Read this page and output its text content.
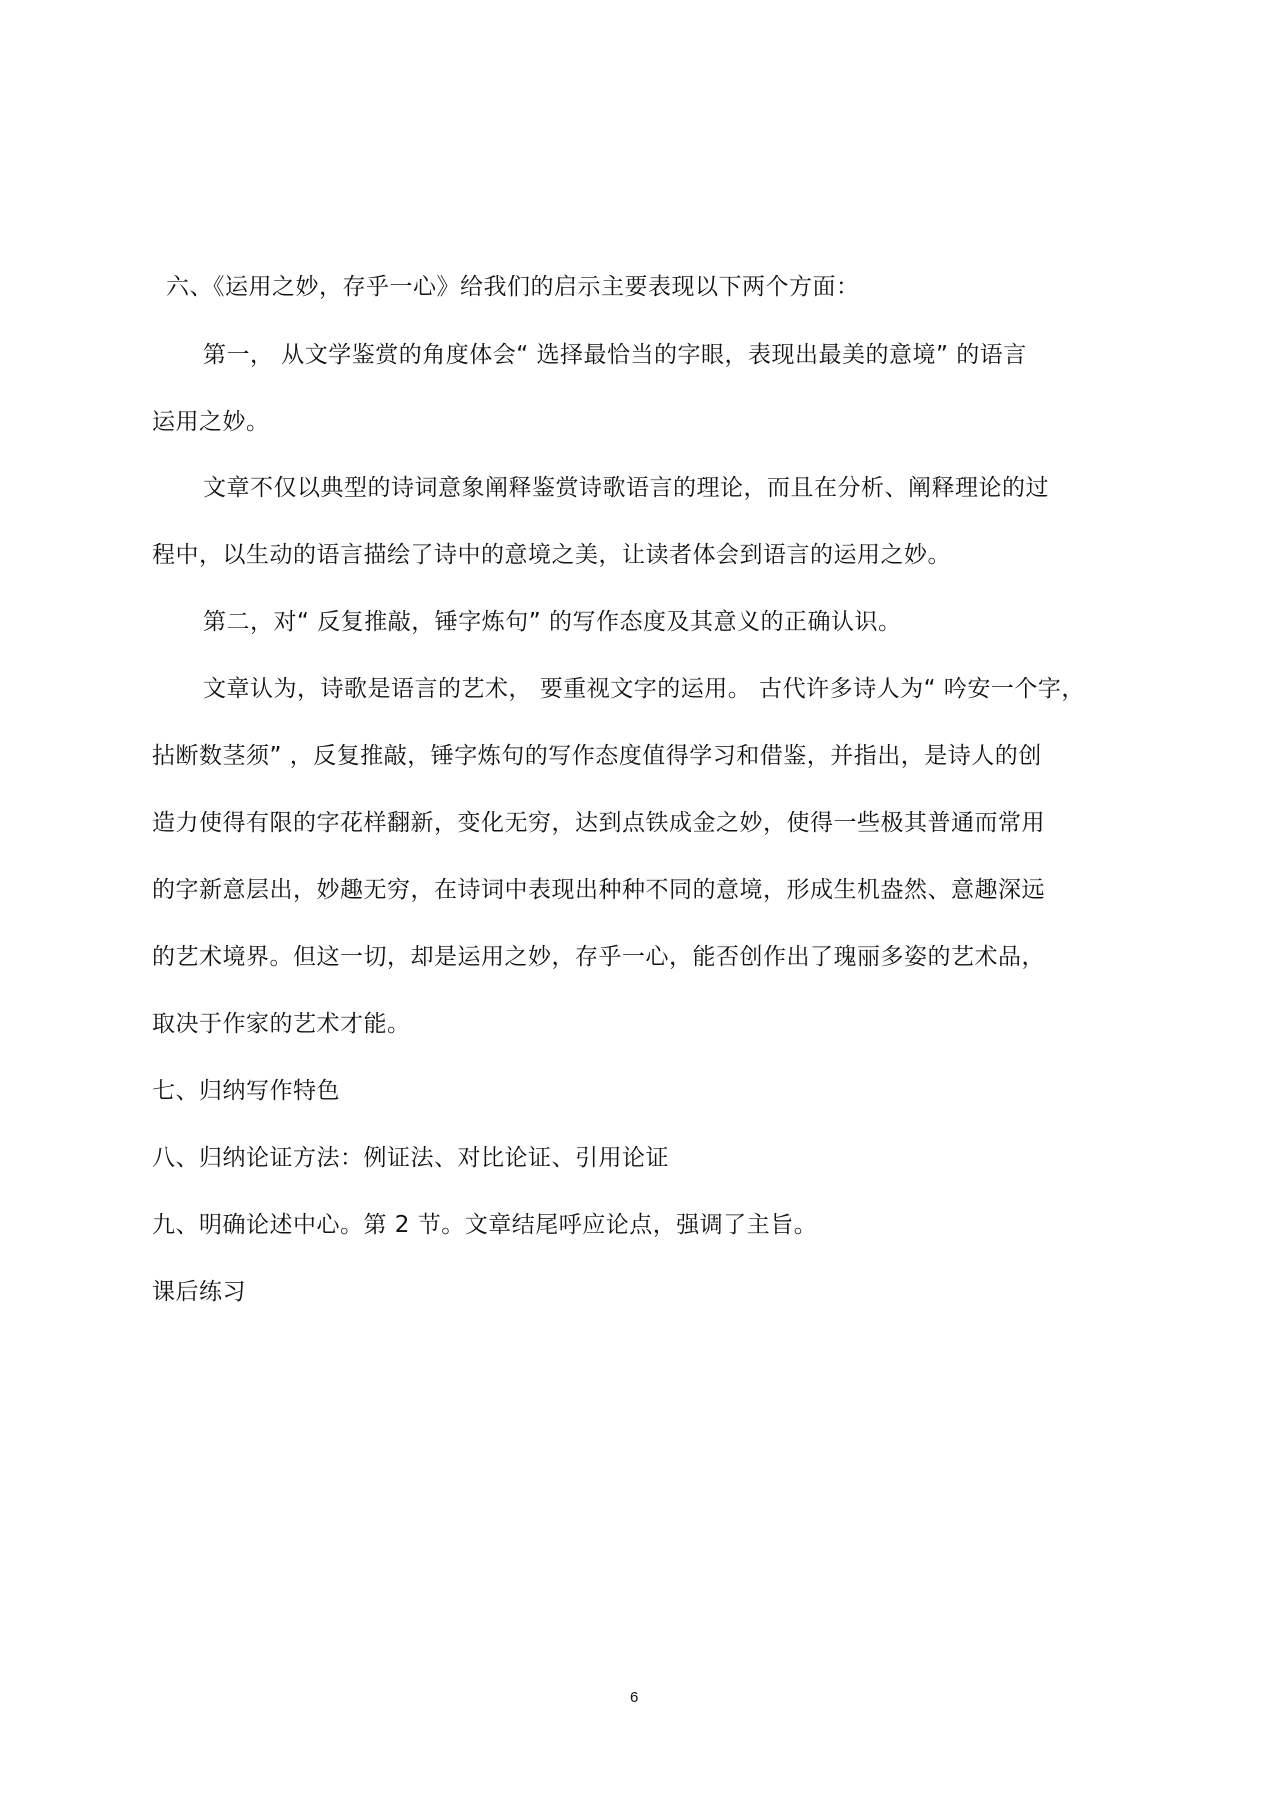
六、《运用之妙，存乎一心》给我们的启示主要表现以下两个方面：
第一， 从文学鉴赏的角度体会“ 选择最恰当的字眼，表现出最美的意境” 的语言
运用之妙。
文章不仅以典型的诗词意象阐释鉴赏诗歌语言的理论，而且在分析、阐释理论的过
程中，以生动的语言描绘了诗中的意境之美，让读者体会到语言的运用之妙。
第二，对“ 反复推敲，锤字炼句” 的写作态度及其意义的正确认识。
文章认为，诗歌是语言的艺术， 要重视文字的运用。 古代许多诗人为“ 吟安一个字，
拈断数茎须” ，反复推敲，锤字炼句的写作态度值得学习和借鉴，并指出，是诗人的创
造力使得有限的字花样翻新，变化无穷，达到点铁成金之妙，使得一些极其普通而常用
的字新意层出，妙趣无穷，在诗词中表现出种种不同的意境，形成生机盎然、意趣深远
的艺术境界。但这一切，却是运用之妙，存乎一心，能否创作出了瑰丽多姿的艺术品，
取决于作家的艺术才能。
七、归纳写作特色
八、归纳论证方法：例证法、对比论证、引用论证
九、明确论述中心。第 2 节。文章结尾呼应论点，强调了主旨。
课后练习
6
